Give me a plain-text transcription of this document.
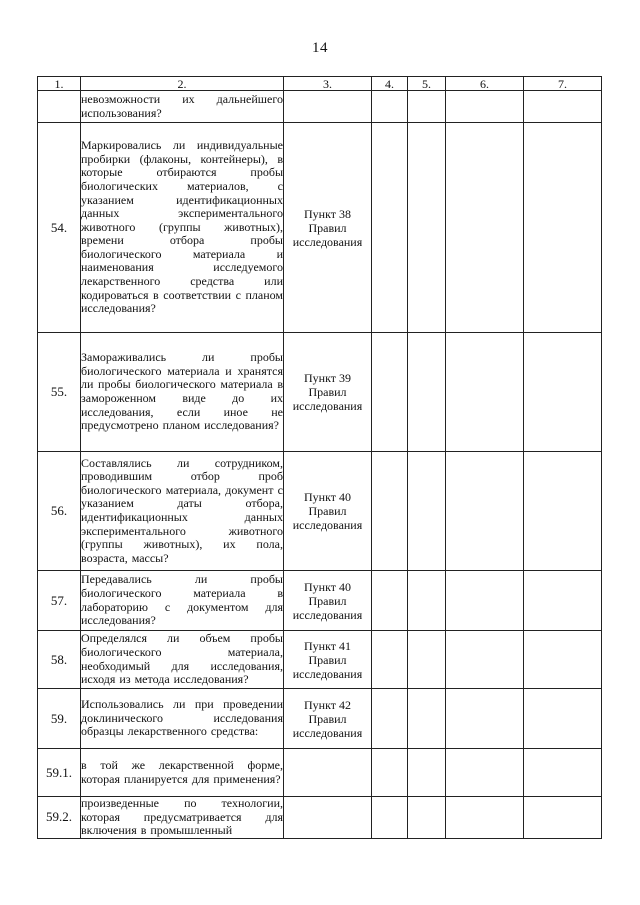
14
1.	2.	3.	4.	5.	6.	7.
	невозможности их дальнейшего использования?					
54.	Маркировались ли индивидуальные пробирки (флаконы, контейнеры), в которые отбираются пробы биологических материалов, с указанием идентификационных данных экспериментального животного (группы животных), времени отбора пробы биологического материала и наименования исследуемого лекарственного средства или кодироваться в соответствии с планом исследования?	Пункт 38 Правил исследования				
55.	Замораживались ли пробы биологического материала и хранятся ли пробы биологического материала в замороженном виде до их исследования, если иное не предусмотрено планом исследования?	Пункт 39 Правил исследования				
56.	Составлялись ли сотрудником, проводившим отбор проб биологического материала, документ с указанием даты отбора, идентификационных данных экспериментального животного (группы животных), их пола, возраста, массы?	Пункт 40 Правил исследования				
57.	Передавались ли пробы биологического материала в лабораторию с документом для исследования?	Пункт 40 Правил исследования				
58.	Определялся ли объем пробы биологического материала, необходимый для исследования, исходя из метода исследования?	Пункт 41 Правил исследования				
59.	Использовались ли при проведении доклинического исследования образцы лекарственного средства:	Пункт 42 Правил исследования				
59.1.	в той же лекарственной форме, которая планируется для применения?					
59.2.	произведенные по технологии, которая предусматривается для включения в промышленный					
